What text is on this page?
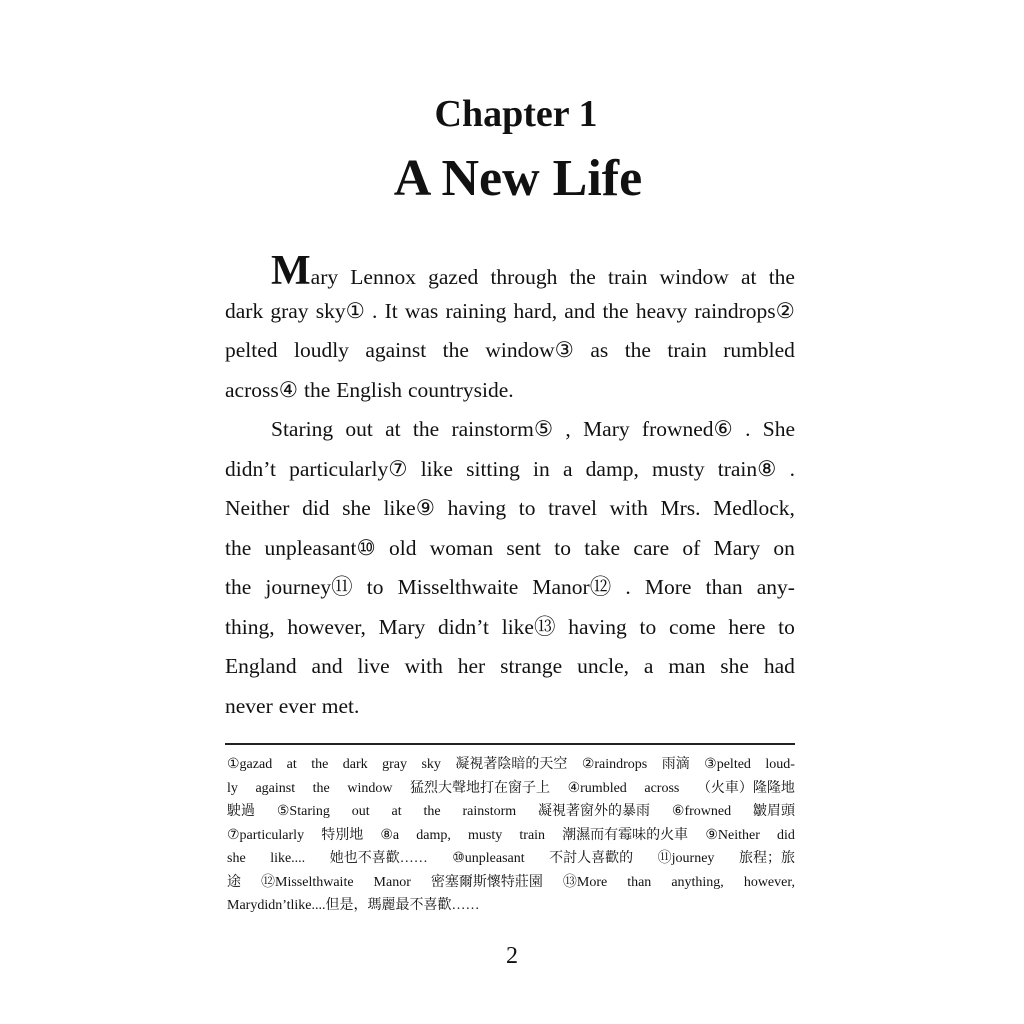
Chapter 1
A New Life
Mary Lennox gazed through the train window at the
dark gray sky① . It was raining hard, and the heavy raindrops②
pelted loudly against the window③ as the train rumbled
across④ the English countryside.
Staring out at the rainstorm⑤ , Mary frowned⑥ . She
didn’t particularly⑦ like sitting in a damp, musty train⑧ .
Neither did she like⑨ having to travel with Mrs. Medlock,
the unpleasant⑩ old woman sent to take care of Mary on
the journey⑪ to Misselthwaite Manor⑫ . More than any-
thing, however, Mary didn’t like⑬ having to come here to
England and live with her strange uncle, a man she had
never ever met.
①gazad at the dark gray sky 凝視著陰暗的天空 ②raindrops 雨滴 ③pelted loud-
ly against the window 猛烈大聲地打在窗子上 ④rumbled across （火車）隆隆地
駛過 ⑤Staring out at the rainstorm 凝視著窗外的暴雨 ⑥frowned 皺眉頭
⑦particularly 特別地 ⑧a damp, musty train 潮濕而有霉味的火車 ⑨Neither did
she like.... 她也不喜歡…… ⑩unpleasant 不討人喜歡的 ⑪journey 旅程；旅
途 ⑫Misselthwaite Manor 密塞爾斯懷特莊園 ⑬More than anything, however,
Mary didn’t like.... 但是，瑪麗最不喜歡……
2
